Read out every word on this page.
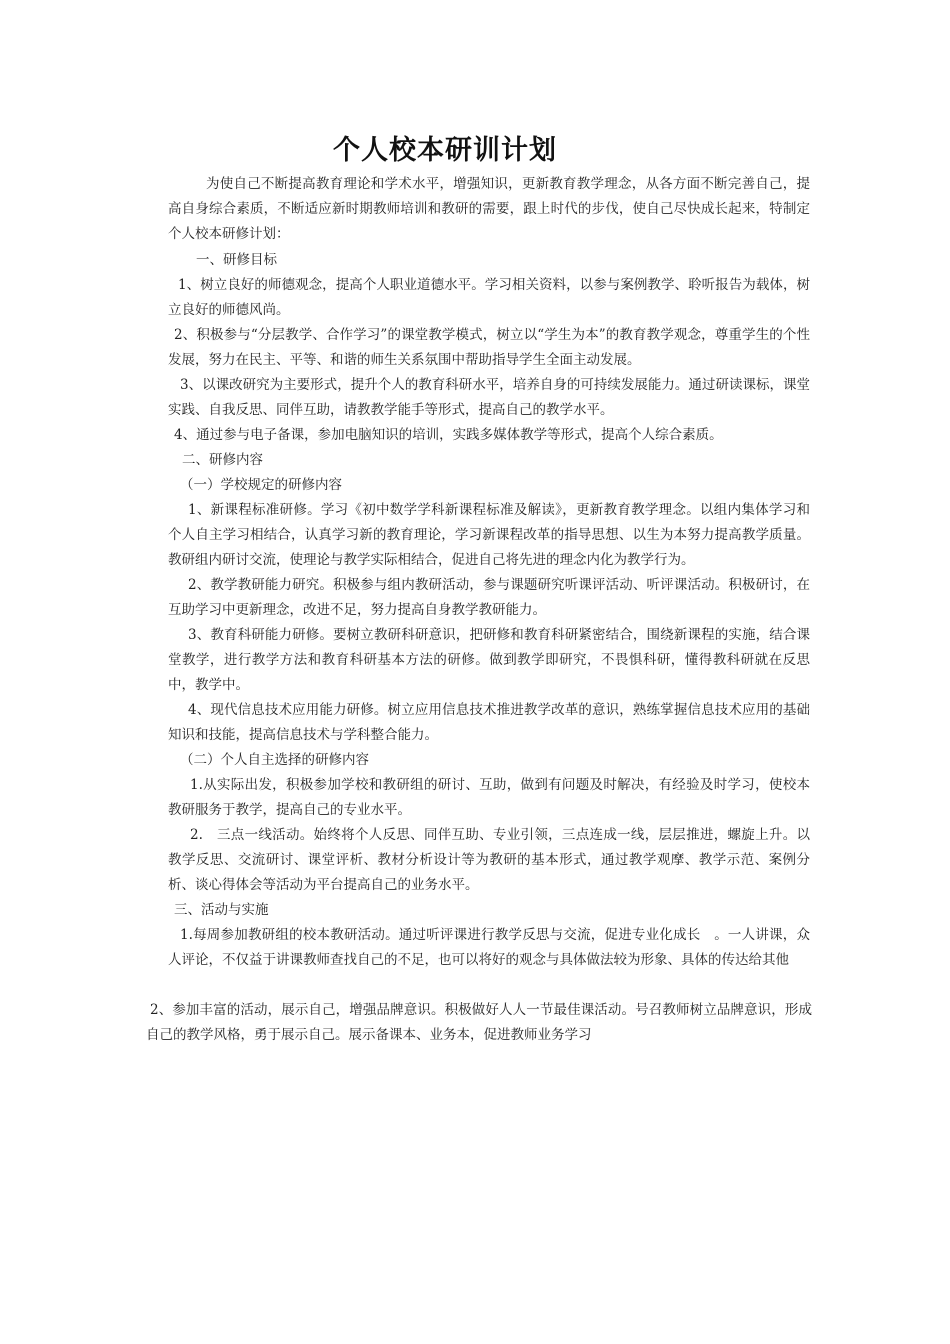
个人校本研训计划

为使自己不断提高教育理论和学术水平，增强知识，更新教育教学理念，从各方面不断完善自己，提高自身综合素质，不断适应新时期教师培训和教研的需要，跟上时代的步伐，使自己尽快成长起来，特制定个人校本研修计划：

一、研修目标

1、树立良好的师德观念，提高个人职业道德水平。学习相关资料，以参与案例教学、聆听报告为载体，树立良好的师德风尚。

2、积极参与“分层教学、合作学习”的课堂教学模式，树立以“学生为本”的教育教学观念，尊重学生的个性发展，努力在民主、平等、和谐的师生关系氛围中帮助指导学生全面主动发展。

3、以课改研究为主要形式，提升个人的教育科研水平，培养自身的可持续发展能力。通过研读课标，课堂实践、自我反思、同伴互助，请教教学能手等形式，提高自己的教学水平。

4、通过参与电子备课，参加电脑知识的培训，实践多媒体教学等形式，提高个人综合素质。

二、研修内容

（一）学校规定的研修内容

1、新课程标准研修。学习《初中数学学科新课程标准及解读》，更新教育教学理念。以组内集体学习和个人自主学习相结合，认真学习新的教育理论，学习新课程改革的指导思想、以生为本努力提高教学质量。教研组内研讨交流，使理论与教学实际相结合，促进自己将先进的理念内化为教学行为。

2、教学教研能力研究。积极参与组内教研活动，参与课题研究听课评活动、听评课活动。积极研讨，在互助学习中更新理念，改进不足，努力提高自身教学教研能力。

3、教育科研能力研修。要树立教研科研意识，把研修和教育科研紧密结合，围绕新课程的实施，结合课堂教学，进行教学方法和教育科研基本方法的研修。做到教学即研究，不畏惧科研，懂得教科研就在反思中，教学中。

4、现代信息技术应用能力研修。树立应用信息技术推进教学改革的意识，熟练掌握信息技术应用的基础知识和技能，提高信息技术与学科整合能力。

（二）个人自主选择的研修内容

1.从实际出发，积极参加学校和教研组的研讨、互助，做到有问题及时解决，有经验及时学习，使校本教研服务于教学，提高自己的专业水平。

2.　三点一线活动。始终将个人反思、同伴互助、专业引领，三点连成一线，层层推进，螺旋上升。以教学反思、交流研讨、课堂评析、教材分析设计等为教研的基本形式，通过教学观摩、教学示范、案例分析、谈心得体会等活动为平台提高自己的业务水平。

三、活动与实施

1.每周参加教研组的校本教研活动。通过听评课进行教学反思与交流，促进专业化成长　。一人讲课，众人评论，不仅益于讲课教师查找自己的不足，也可以将好的观念与具体做法较为形象、具体的传达给其他

2、参加丰富的活动，展示自己，增强品牌意识。积极做好人人一节最佳课活动。号召教师树立品牌意识，形成自己的教学风格，勇于展示自己。展示备课本、业务本，促进教师业务学习
